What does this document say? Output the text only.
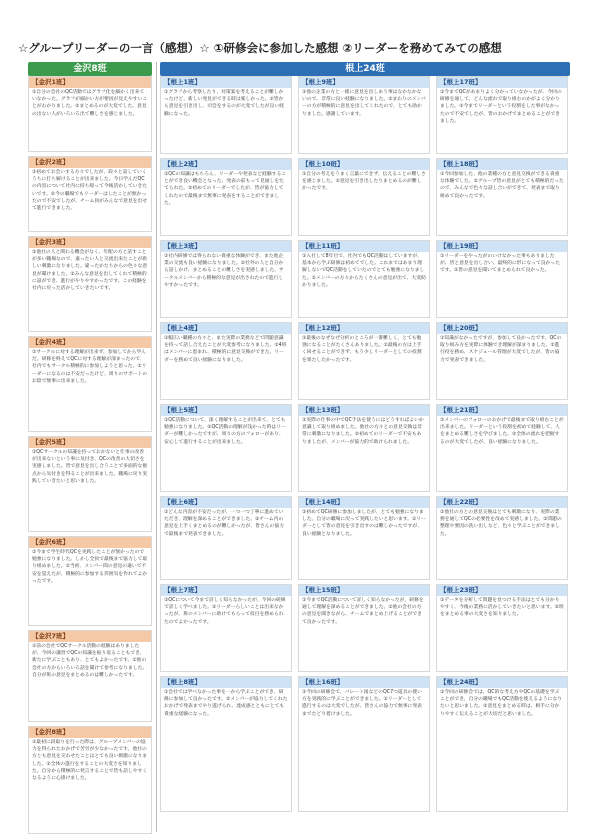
☆グループリーダーの一言（感想）☆ ①研修会に参加した感想 ②リーダーを務めてみての感想
金沢8班	根上24班
【金沢1班】
①自分の会社のQC活動ではグラフ化を細かく出来ていなかった。グラフが細かい方が要因が見えやすいことがわかりました。②まとめるのが大変でした。意見の出ない人がいろいろ出て難しさを感じました。
【金沢2班】
①初めてお会いする方々でしたが、段々と話していくうちに打ち解けることが出来ました。今日学んだQCの内容について社内に持ち帰って今後活かしていきたいです。②今の職場でもリーダーはしたことが無かったので不安でしたが、チーム員がみんなで意見を出せて進行できました。
【金沢3班】
①他社の人と関わる機会がなく、年配の方と話すことが多い職場なので、違ったい人と交流出来たことが新しい刺激になりました。違ったかたちからの色々な意見が聞けました。②みんな意見を出してくれて積極的に話ができ、進行がやりやすかったです。この経験を社内に戻った活かしていきたいです。
【金沢4班】
①サークルに対する理解が出来ず、参加してから学んだ。研修を終えてQCに対する理解が深まったので、社内でもサークル積極的に参加しようと思った。②リーダーになるのは不安だったけど、周りのサポートのお陰で無事に出来ました。
【金沢5班】
①QCサークルの知識を持っておかないと仕事の改善が出来ないという事に気付き、QCの改善の大切さを実感しました。皆で意見を出し合うことで多面的な視点から気付きを得ることが出来ました。職場に戻り実践していきたいと思いました。
【金沢6班】
①今まで学生時代QCを実践したことが無かったので勉強になりました。しかし全員で最後まで協力して取り組めました。②当初、メンバー間の意見の違いで不安を覚えたが、積極的に参加する雰囲気を作れてよかったです。
【金沢7班】
①前の会社でQCサークル活動の経験はありましたが、今回の講習でQCの知識を振り返ることもでき、新たに学ぶこともあり、とてもよかったです。②他の会社の方からいろいろ話を聞けて参考になりました。自分が班の意見をまとめるのは難しかったです。
【金沢8班】
①最初に段取りを行った際は、グループメンバーの協力を得られたおかげで苦労が少なかったです。他社の方とも意見を交わせたことはとても良い刺激になりました。②全体の進行をすることの大変さを知りました。自分から積極的に発言することで皆も話しやすくなるように心掛けました。
【根上1班】
①グラフから考察したり、対策案を考えることが難しかったけど、新しい発見ができる時は楽しかった。②皆から意見を引き出し、司会をするのが大変でしたが良い経験になった。
【根上2班】
①QCの知識はもちろん、リーダーや発表など経験することができ良い機会となった。発表の前もって見通しをたてられた。②初めてのリーダーでしたが、皆が協力してくれたので最後まで無事に発表をすることができました。
【根上3班】
①社内研修では得られない貴重な体験ができ、また他企業の交流も良い経験になりました。②社外の人と自分から話しかけ、まとめることの難しさを実感しました。サークルメンバーから積極的な意見が出されたので進行しやすかったです。
【根上4班】
①幅広い職種の方々と、また実際の業務などで問題意識を持って話し合えたことが大変参考になりました。②4班はメンバーに恵まれ、積極的に意見交換ができた。リーダーを務めて良い経験になりました。
【根上5班】
①QC活動について、深く理解することが出来て、とても勉強になりました。②QC活動の理解が浅かった時はリーダーが難しかったですが、周りの方のフォローがあり、安心して進行することが出来ました。
【根上6班】
①どんな内容が不安だったが、一つ一つ丁寧に進めていただき、理解を深めることができました。②チーム内の意見を上手くまとめるのが難しかったが、皆さんの協力で最後まで発表できました。
【根上7班】
①QCについて今まで詳しく知らなかったが、今回の研修で詳しく学べました。②リーダーらしいことは出来なかったが、班のメンバーに助けてもらって役目を務められたのでよかったです。
【根上8班】
①会社では学べなかった事を一から学ぶことができ、研修に参加して良かったです。②メンバーが協力してくれたおかげで発表までやり遂げられ、達成感とともにとても貴重な経験になった。
【根上9班】
①他の企業の方と一緒に意見を出しあう事はなかなかないので、非常に良い経験になりました。②まわりのメンバーの方が積極的に意見を出してくれたので、とても助かりました。感謝しています。
【根上10班】
①自分の考えをうまく言葉にできず、伝えることの難しさを感じました。②意見を引き出したりまとめるのが難しかったです。
【根上11班】
①入社して8年目で、社内でもQC活動はしていますが、基本から学ぶ研修は初めてでした。これまではあまり理解しないでQC活動をしていたのでとても勉強になりました。②メンバーの方々からたくさんの意見が出て、大変助かりました。
【根上12班】
①最後のなぜなぜ分析のところが一番難しく、とても勉強になることがたくさんありました。②最後の方は上手く回せることができず、もう少しリーダーとしての役割を果たしたかったです。
【根上13班】
①実際の仕事の中でQC手法を使うにはどうすればよいか意識して取り組めました。他社の方々との意見交換は非常に刺激になりました。②初めてのリーダーで不安もありましたが、メンバーが協力的で助けられました。
【根上14班】
①初めてQC研修に参加しましたが、とても勉強になりました。自分の職場に戻って実践したいと思います。②リーダーとして皆の意見を引き出すのは難しかったですが、良い経験となりました。
【根上15班】
①今までQC活動について詳しく知らなかったが、研修を通して理解を深めることができました。②他の会社の方の意見を聞きながら、チームでまとめ上げることができて良かったです。
【根上16班】
①今回の研修会で、パレート図などのQC7つ道具の使い方を実践的に学ぶことができました。②リーダーとして進行するのは大変でしたが、皆さんの協力で無事に発表までたどり着けました。
【根上17班】
①今までQCがあまりよく分かっていなかったが、今回の研修を通して、どんな流れで取り組むのかがよく分かりました。②今までリーダーという役割をした事がなかったので不安でしたが、皆のおかげでまとめることができました。
【根上18班】
①今回参加した、他の業種の方と意見交換ができる貴重な体験でした。②グループ皆の意見がとても積極的だったので、みんなで色々な話し合いができて、発表まで取り組めて良かったです。
【根上19班】
①リーダーをやったがのいけなかった事もありましたが、皆と意見を出し合い、最終的に形になって良かったです。②皆の意見を聞いてまとめられて良かった。
【根上20班】
①知識がなかったですが、参加して良かったです。QCの取り組み方を実際に体験でき理解が深まりました。②進行役を務め、スケジュール管理が大変でしたが、皆の協力で発表できました。
【根上21班】
①メンバーのフォローのおかげで最後まで取り組むことが出来ました。リーダーという役割を初めて経験して、人をまとめる難しさを学びました。②全体の流れを把握するのが大変でしたが、良い経験になりました。
【根上22班】
①他社の方との意見交換はとても刺激になり、実際の業務を通してQCの必要性を改めて実感しました。②問題の整理や要因の洗い出しなど、色々と学ぶことができました。
【根上23班】
①データを分析して問題を見つける手法はとても分かりやすく、今後の業務に活かしていきたいと思います。②班をまとめる事の大変さを知りました。
【根上24班】
①今回の研修会では、QC的な考え方やQCの基礎を学ぶことができ、自分の職場でもQC活動を使えるようになりたいと思いました。②意見をまとめる時は、相手に分かりやすく伝えることが大切だと思いました。
